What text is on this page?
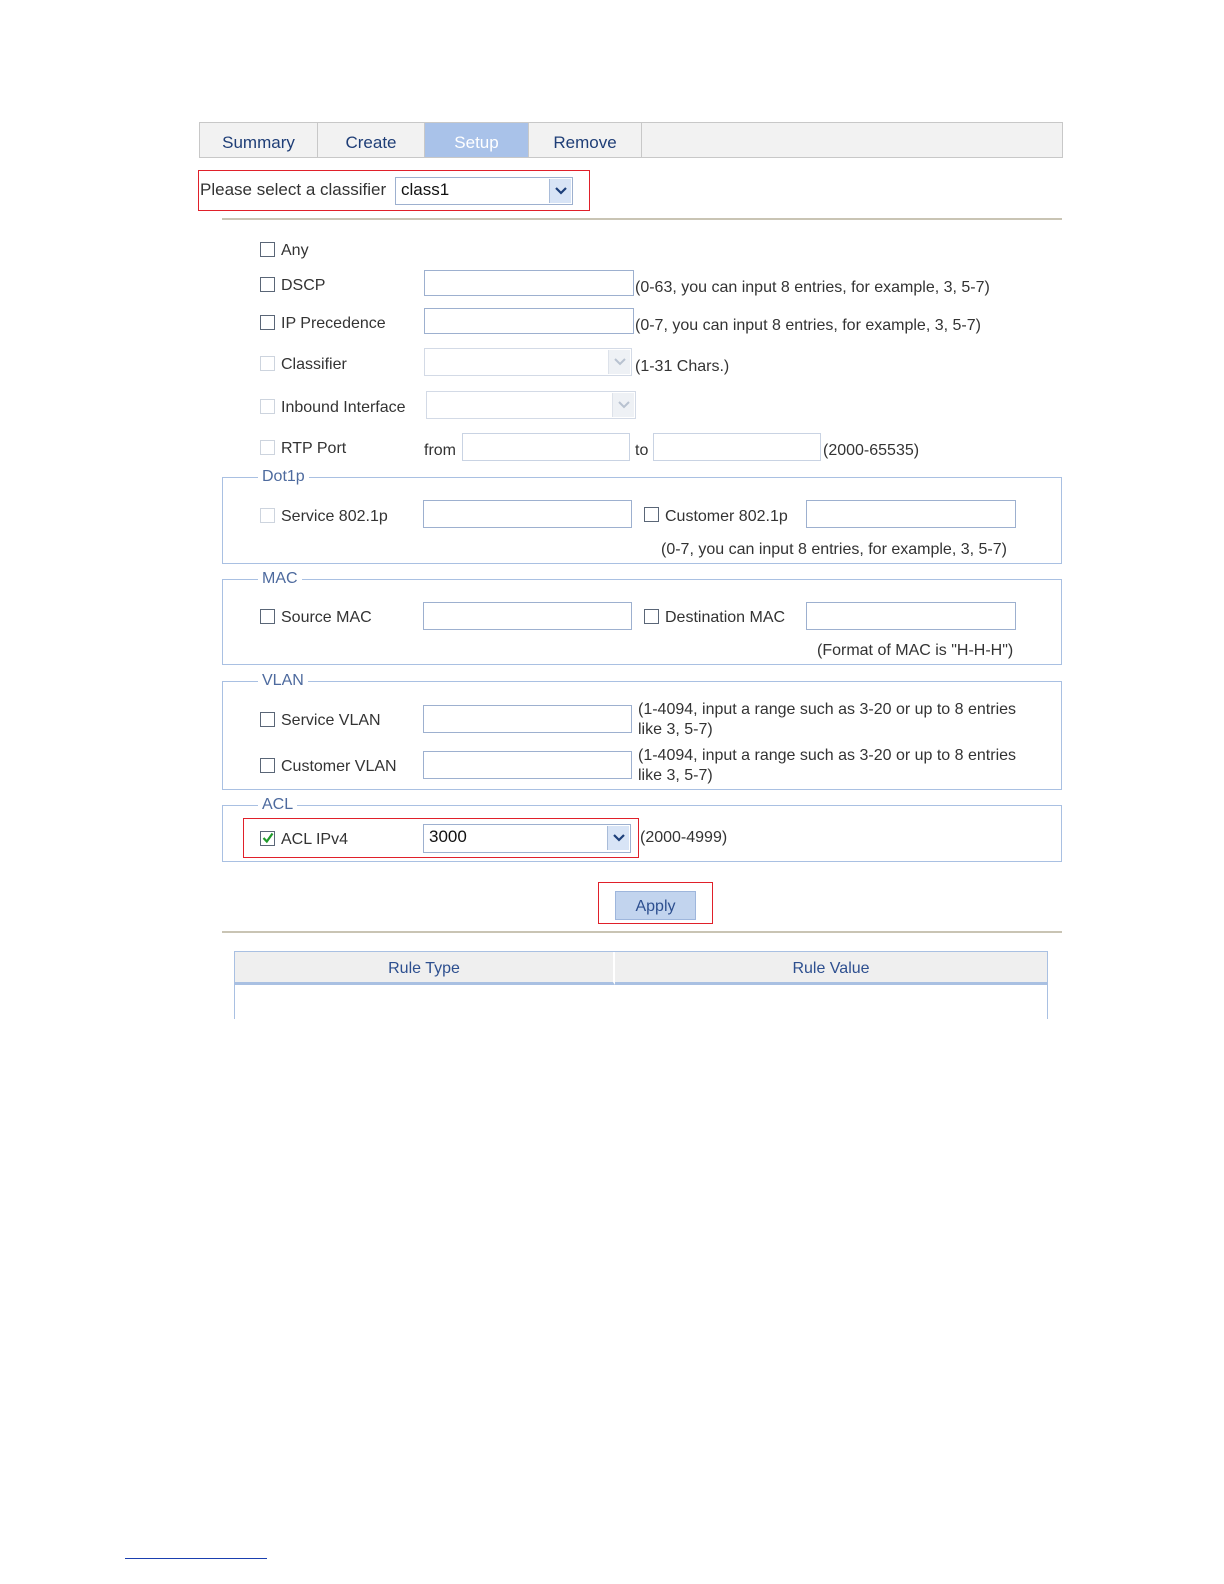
Summary	Create	Setup	Remove
Please select a classifier class1
Any
DSCP	(0-63, you can input 8 entries, for example, 3, 5-7)
IP Precedence	(0-7, you can input 8 entries, for example, 3, 5-7)
Classifier	(1-31 Chars.)
Inbound Interface
RTP Port	from	to	(2000-65535)
Dot1p
Service 802.1p	Customer 802.1p
(0-7, you can input 8 entries, for example, 3, 5-7)
MAC
Source MAC	Destination MAC
(Format of MAC is "H-H-H")
VLAN
Service VLAN
(1-4094, input a range such as 3-20 or up to 8 entries
like 3, 5-7)
Customer VLAN
(1-4094, input a range such as 3-20 or up to 8 entries
like 3, 5-7)
ACL
ACL IPv4	3000	(2000-4999)
Apply
Rule Type	Rule Value
